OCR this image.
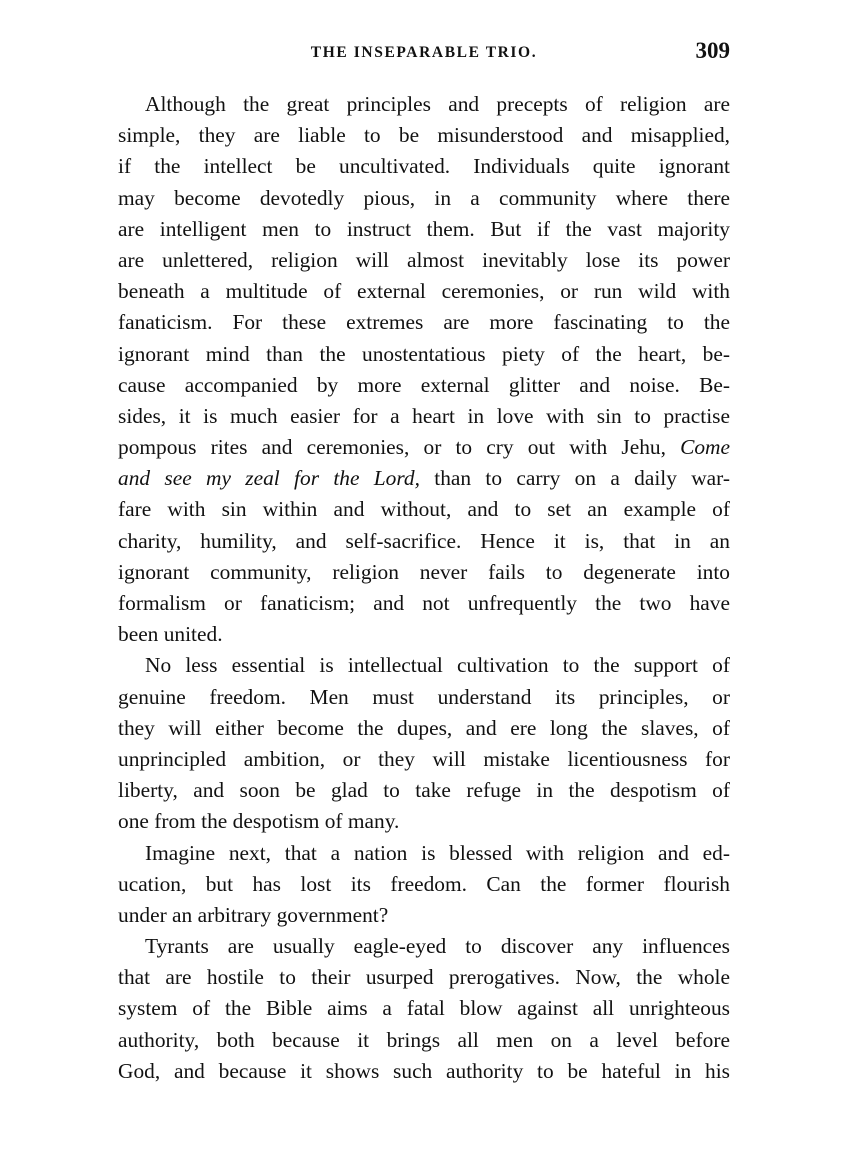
THE INSEPARABLE TRIO.	309
Although the great principles and precepts of religion are
simple, they are liable to be misunderstood and misapplied,
if the intellect be uncultivated. Individuals quite ignorant
may become devotedly pious, in a community where there
are intelligent men to instruct them. But if the vast majority
are unlettered, religion will almost inevitably lose its power
beneath a multitude of external ceremonies, or run wild with
fanaticism. For these extremes are more fascinating to the
ignorant mind than the unostentatious piety of the heart, be-
cause accompanied by more external glitter and noise. Be-
sides, it is much easier for a heart in love with sin to practise
pompous rites and ceremonies, or to cry out with Jehu, Come
and see my zeal for the Lord, than to carry on a daily war-
fare with sin within and without, and to set an example of
charity, humility, and self-sacrifice. Hence it is, that in an
ignorant community, religion never fails to degenerate into
formalism or fanaticism; and not unfrequently the two have
been united.
No less essential is intellectual cultivation to the support of
genuine freedom. Men must understand its principles, or
they will either become the dupes, and ere long the slaves, of
unprincipled ambition, or they will mistake licentiousness for
liberty, and soon be glad to take refuge in the despotism of
one from the despotism of many.
Imagine next, that a nation is blessed with religion and ed-
ucation, but has lost its freedom. Can the former flourish
under an arbitrary government?
Tyrants are usually eagle-eyed to discover any influences
that are hostile to their usurped prerogatives. Now, the whole
system of the Bible aims a fatal blow against all unrighteous
authority, both because it brings all men on a level before
God, and because it shows such authority to be hateful in his
